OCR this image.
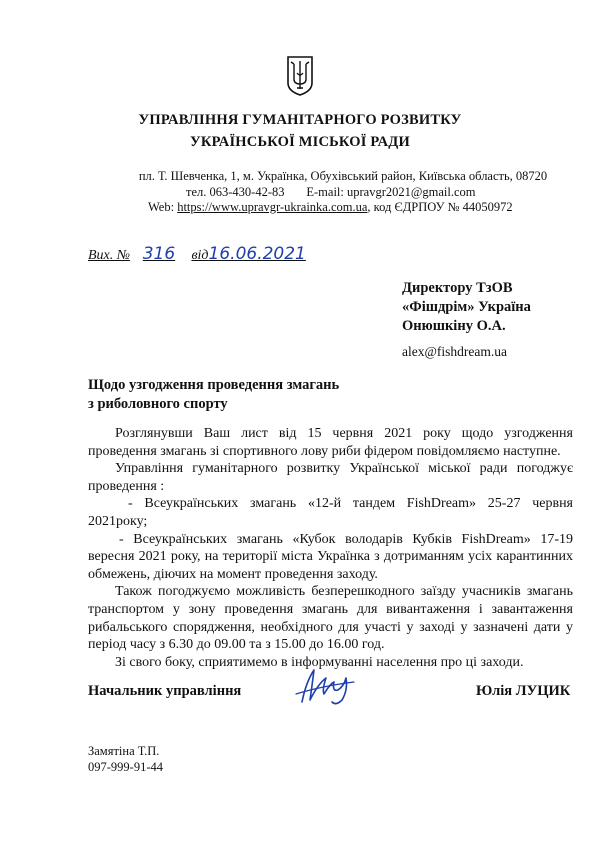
УПРАВЛІННЯ ГУМАНІТАРНОГО РОЗВИТКУ
УКРАЇНСЬКОЇ МІСЬКОЇ РАДИ
пл. Т. Шевченка, 1, м. Українка, Обухівський район, Київська область, 08720
тел. 063-430-42-83 E-mail: upravgr2021@gmail.com
Web: https://www.upravgr-ukrainka.com.ua, код ЄДРПОУ № 44050972
Вих. № 316 від16.06.2021
Директору ТзОВ
«Фішдрім» Україна
Онюшкіну О.А.
alex@fishdream.ua
Щодо узгодження проведення змагань
з риболовного спорту

Розглянувши Ваш лист від 15 червня 2021 року щодо узгодження проведення змагань зі спортивного лову риби фідером повідомляємо наступне.

Управління гуманітарного розвитку Української міської ради погоджує проведення :

- Всеукраїнських змагань «12-й тандем FishDream» 25-27 червня 2021року;

- Всеукраїнських змагань «Кубок володарів Кубків FishDream» 17-19 вересня 2021 року, на території міста Українка з дотриманням усіх карантинних обмежень, діючих на момент проведення заходу.

Також погоджуємо можливість безперешкодного заїзду учасників змагань транспортом у зону проведення змагань для вивантаження і завантаження рибальського спорядження, необхідного для участі у заході у зазначені дати у період часу з 6.30 до 09.00 та з 15.00 до 16.00 год.

Зі свого боку, сприятимемо в інформуванні населення про ці заходи.

Начальник управління	Юлія ЛУЦИК
Замятіна Т.П.
097-999-91-44
